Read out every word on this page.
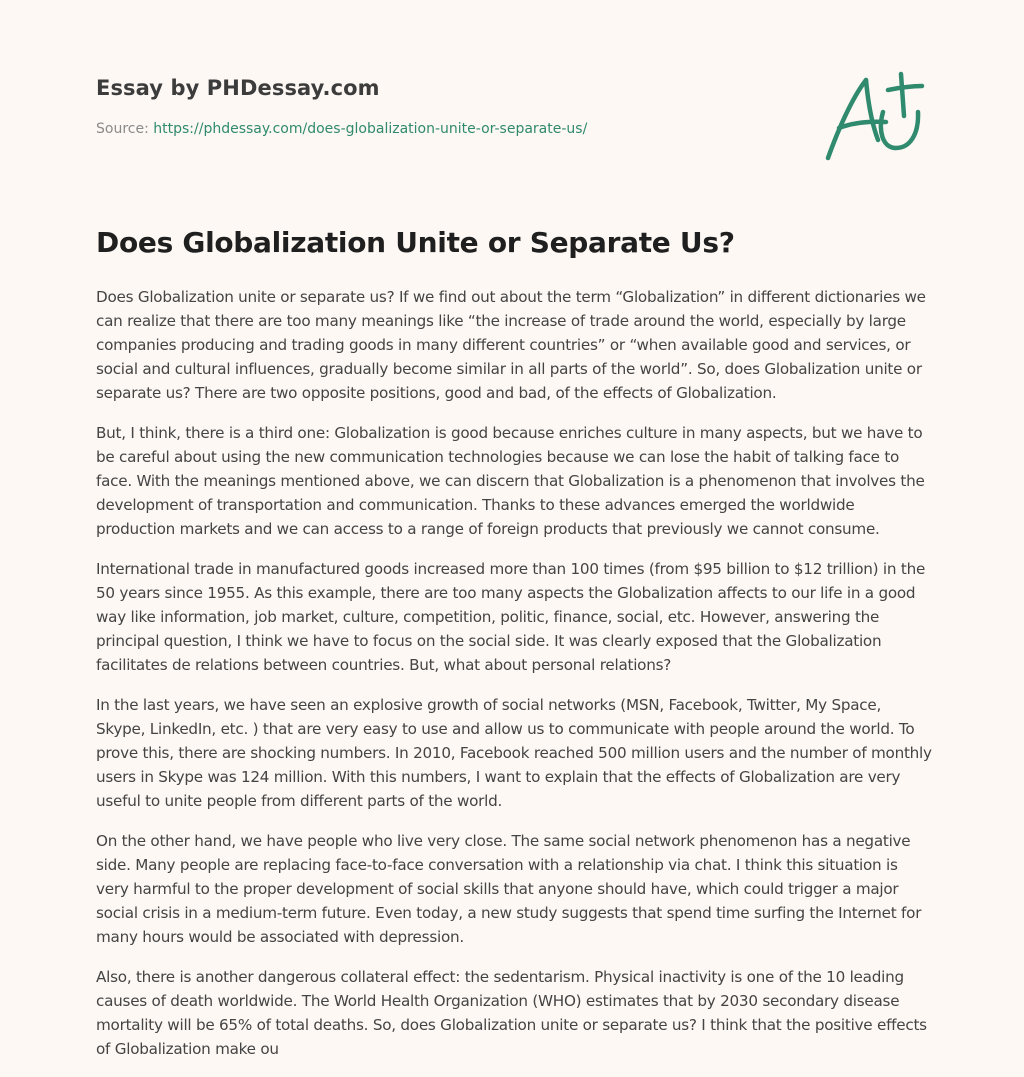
Essay by PHDessay.com
Source: https://phdessay.com/does-globalization-unite-or-separate-us/
Does Globalization Unite or Separate Us?

Does Globalization unite or separate us? If we find out about the term “Globalization” in different dictionaries we can realize that there are too many meanings like “the increase of trade around the world, especially by large companies producing and trading goods in many different countries” or “when available good and services, or social and cultural influences, gradually become similar in all parts of the world”. So, does Globalization unite or separate us? There are two opposite positions, good and bad, of the effects of Globalization.

But, I think, there is a third one: Globalization is good because enriches culture in many aspects, but we have to be careful about using the new communication technologies because we can lose the habit of talking face to face. With the meanings mentioned above, we can discern that Globalization is a phenomenon that involves the development of transportation and communication. Thanks to these advances emerged the worldwide production markets and we can access to a range of foreign products that previously we cannot consume.

International trade in manufactured goods increased more than 100 times (from $95 billion to $12 trillion) in the 50 years since 1955. As this example, there are too many aspects the Globalization affects to our life in a good way like information, job market, culture, competition, politic, finance, social, etc. However, answering the principal question, I think we have to focus on the social side. It was clearly exposed that the Globalization facilitates de relations between countries. But, what about personal relations?

In the last years, we have seen an explosive growth of social networks (MSN, Facebook, Twitter, My Space, Skype, LinkedIn, etc. ) that are very easy to use and allow us to communicate with people around the world. To prove this, there are shocking numbers. In 2010, Facebook reached 500 million users and the number of monthly users in Skype was 124 million. With this numbers, I want to explain that the effects of Globalization are very useful to unite people from different parts of the world.

On the other hand, we have people who live very close. The same social network phenomenon has a negative side. Many people are replacing face-to-face conversation with a relationship via chat. I think this situation is very harmful to the proper development of social skills that anyone should have, which could trigger a major social crisis in a medium-term future. Even today, a new study suggests that spend time surfing the Internet for many hours would be associated with depression.

Also, there is another dangerous collateral effect: the sedentarism. Physical inactivity is one of the 10 leading causes of death worldwide. The World Health Organization (WHO) estimates that by 2030 secondary disease mortality will be 65% of total deaths. So, does Globalization unite or separate us? I think that the positive effects of Globalization make ou
